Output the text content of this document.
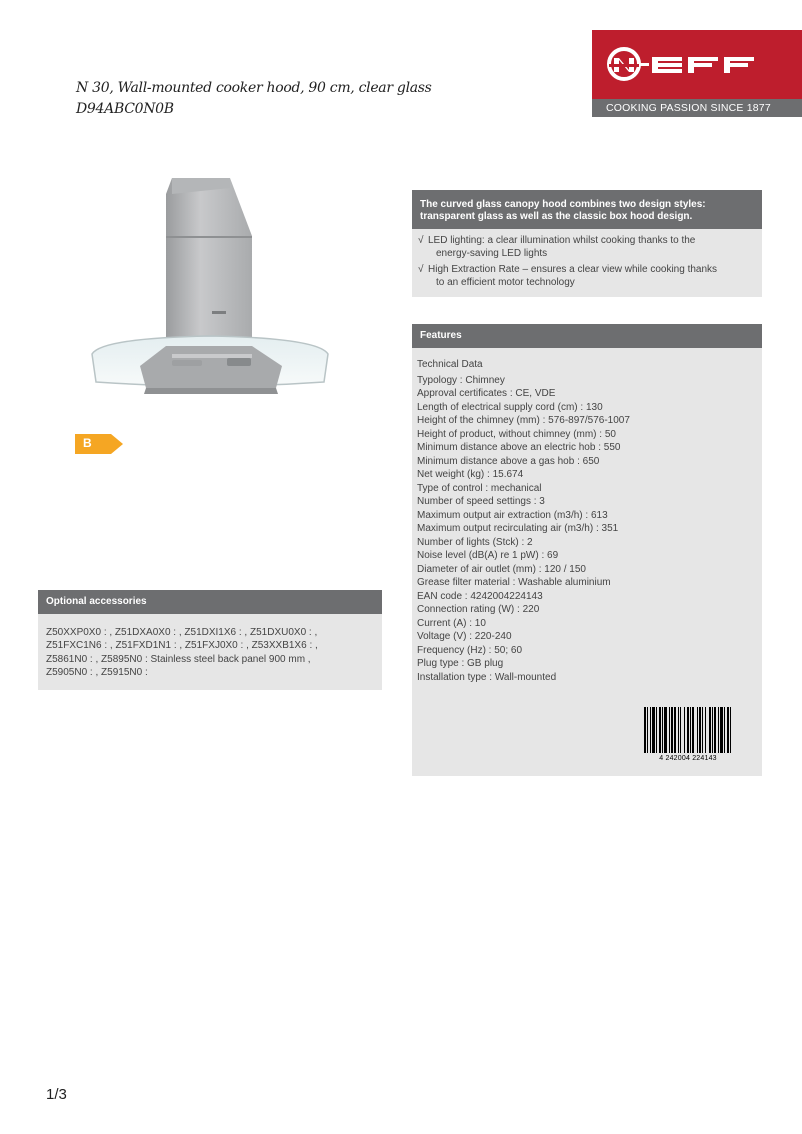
N 30, Wall-mounted cooker hood, 90 cm, clear glass
D94ABC0N0B	COOKING PASSION SINCE 1877
B
Optional accessories
Z50XXP0X0 : , Z51DXA0X0 : , Z51DXI1X6 : , Z51DXU0X0 : ,
Z51FXC1N6 : , Z51FXD1N1 : , Z51FXJ0X0 : , Z53XXB1X6 : ,
Z5861N0 : , Z5895N0 : Stainless steel back panel 900 mm ,
Z5905N0 : , Z5915N0 :
The curved glass canopy hood combines two design styles:
transparent glass as well as the classic box hood design.
√ LED lighting: a clear illumination whilst cooking thanks to the
energy-saving LED lights
√ High Extraction Rate – ensures a clear view while cooking thanks
to an efficient motor technology
Features
Technical Data
Typology : Chimney
Approval certificates : CE, VDE
Length of electrical supply cord (cm) : 130
Height of the chimney (mm) : 576-897/576-1007
Height of product, without chimney (mm) : 50
Minimum distance above an electric hob : 550
Minimum distance above a gas hob : 650
Net weight (kg) : 15.674
Type of control : mechanical
Number of speed settings : 3
Maximum output air extraction (m3/h) : 613
Maximum output recirculating air (m3/h) : 351
Number of lights (Stck) : 2
Noise level (dB(A) re 1 pW) : 69
Diameter of air outlet (mm) : 120 / 150
Grease filter material : Washable aluminium
EAN code : 4242004224143
Connection rating (W) : 220
Current (A) : 10
Voltage (V) : 220-240
Frequency (Hz) : 50; 60
Plug type : GB plug
Installation type : Wall-mounted
4 242004 224143
1/3
